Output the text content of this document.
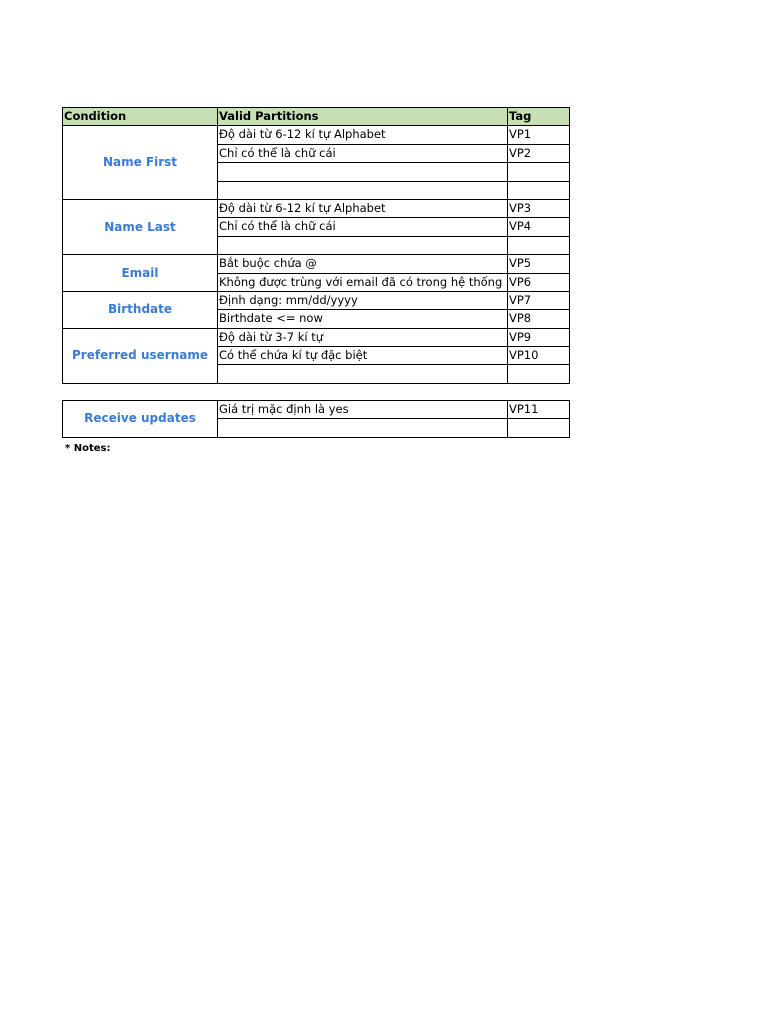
Condition	Valid Partitions	Tag
Name First	Độ dài từ 6-12 kí tự Alphabet	VP1
	Chỉ có thể là chữ cái	VP2

Name Last	Độ dài từ 6-12 kí tự Alphabet	VP3
	Chỉ có thể là chữ cái	VP4

Email	Bắt buộc chứa @	VP5
	Không được trùng với email đã có trong hệ thống	VP6
Birthdate	Định dạng: mm/dd/yyyy	VP7
	Birthdate <= now	VP8
Preferred username	Độ dài từ 3-7 kí tự	VP9
	Có thể chứa kí tự đặc biệt	VP10

Receive updates	Giá trị mặc định là yes	VP11

* Notes:
